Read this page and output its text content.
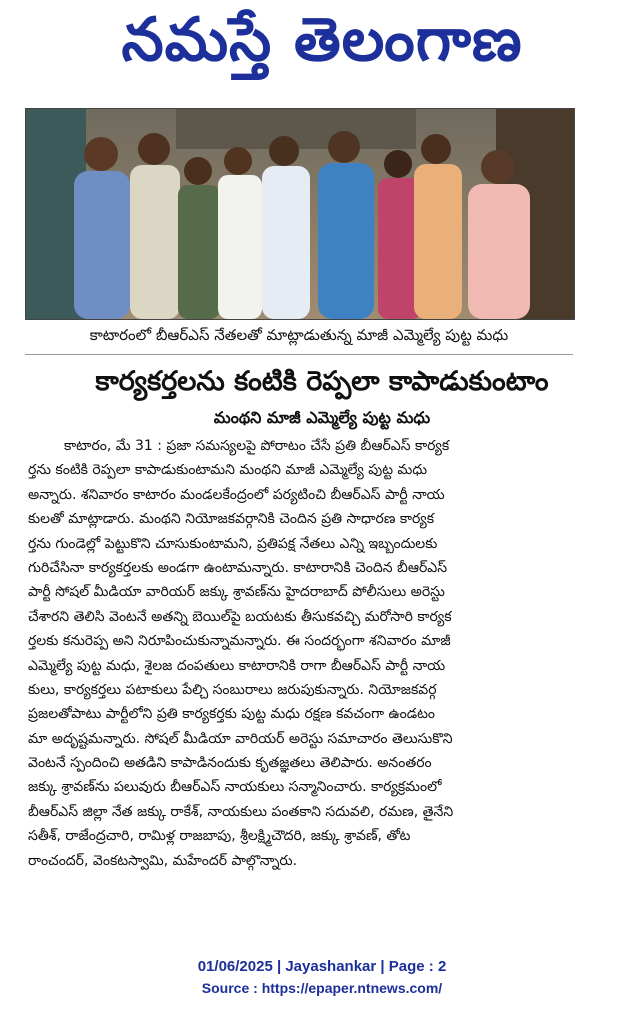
నమస్తే తెలంగాణ
కాటారంలో బీఆర్ఎస్ నేతలతో మాట్లాడుతున్న మాజీ ఎమ్మెల్యే పుట్ట మధు
కార్యకర్తలను కంటికి రెప్పలా కాపాడుకుంటాం
మంథని మాజీ ఎమ్మెల్యే పుట్ట మధు
కాటారం, మే 31 : ప్రజా సమస్యలపై పోరాటం చేసే ప్రతి బీఆర్ఎస్ కార్యక
ర్తను కంటికి రెప్పలా కాపాడుకుంటామని మంథని మాజీ ఎమ్మెల్యే పుట్ట మధు
అన్నారు. శనివారం కాటారం మండలకేంద్రంలో పర్యటించి బీఆర్ఎస్ పార్టీ నాయ
కులతో మాట్లాడారు. మంథని నియోజకవర్గానికి చెందిన ప్రతి సాధారణ కార్యక
ర్తను గుండెల్లో పెట్టుకొని చూసుకుంటామని, ప్రతిపక్ష నేతలు ఎన్ని ఇబ్బందులకు
గురిచేసినా కార్యకర్తలకు అండగా ఉంటామన్నారు. కాటారానికి చెందిన బీఆర్ఎస్
పార్టీ సోషల్ మీడియా వారియర్ జక్కు శ్రావణ్‌ను హైదరాబాద్ పోలీసులు అరెస్టు
చేశారని తెలిసి వెంటనే అతన్ని బెయిల్‌పై బయటకు తీసుకవచ్చి మరోసారి కార్యక
ర్తలకు కనురెప్ప అని నిరూపించుకున్నామన్నారు. ఈ సందర్భంగా శనివారం మాజీ
ఎమ్మెల్యే పుట్ట మధు, శైలజ దంపతులు కాటారానికి రాగా బీఆర్ఎస్ పార్టీ నాయ
కులు, కార్యకర్తలు పటాకులు పేల్చి సంబురాలు జరుపుకున్నారు. నియోజకవర్గ
ప్రజలతోపాటు పార్టీలోని ప్రతి కార్యకర్తకు పుట్ట మధు రక్షణ కవచంగా ఉండటం
మా అదృష్టమన్నారు. సోషల్ మీడియా వారియర్ అరెస్టు సమాచారం తెలుసుకొని
వెంటనే స్పందించి అతడిని కాపాడినందుకు కృతజ్ఞతలు తెలిపారు. అనంతరం
జక్కు శ్రావణ్‌ను పలువురు బీఆర్ఎస్ నాయకులు సన్మానించారు. కార్యక్రమంలో
బీఆర్ఎస్ జిల్లా నేత జక్కు రాకేశ్, నాయకులు పంతకాని సదువలి, రమణ, తైనేని
సతీశ్, రాజేంద్రచారి, రామిళ్ల రాజబాపు, శ్రీలక్ష్మిచౌదరి, జక్కు శ్రావణ్, తోట
రాంచందర్, వెంకటస్వామి, మహేందర్ పాల్గొన్నారు.
01/06/2025 | Jayashankar | Page : 2
Source : https://epaper.ntnews.com/
